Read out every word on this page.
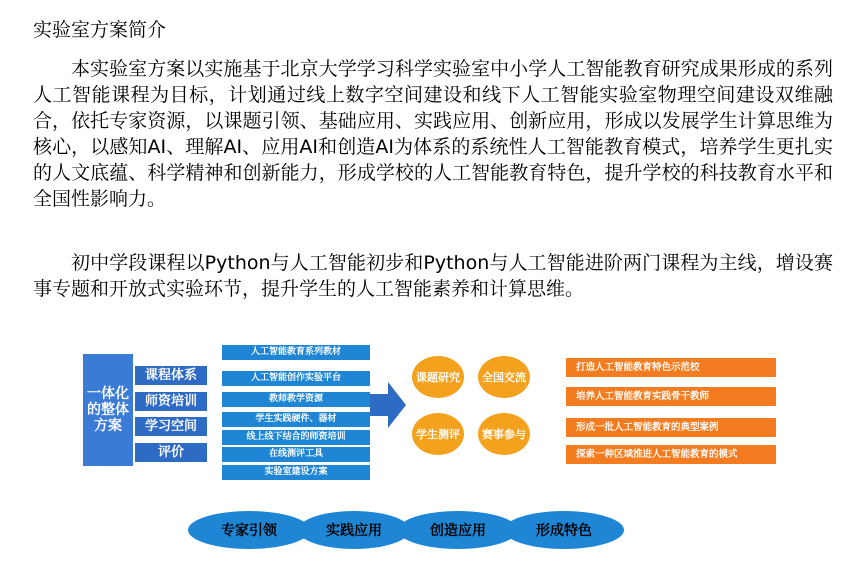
实验室方案简介

本实验室方案以实施基于北京大学学习科学实验室中小学人工智能教育研究成果形成的系列人工智能课程为目标，计划通过线上数字空间建设和线下人工智能实验室物理空间建设双维融合，依托专家资源，以课题引领、基础应用、实践应用、创新应用，形成以发展学生计算思维为核心，以感知AI、理解AI、应用AI和创造AI为体系的系统性人工智能教育模式，培养学生更扎实的人文底蕴、科学精神和创新能力，形成学校的人工智能教育特色，提升学校的科技教育水平和全国性影响力。

初中学段课程以Python与人工智能初步和Python与人工智能进阶两门课程为主线，增设赛事专题和开放式实验环节，提升学生的人工智能素养和计算思维。

一体化的整体方案
课程体系
师资培训
学习空间
评价
人工智能教育系列教材
人工智能创作实验平台
教师教学资源
学生实践硬件、器材
线上线下结合的师资培训
在线测评工具
实验室建设方案
课题研究	全国交流
学生测评	赛事参与
打造人工智能教育特色示范校
培养人工智能教育实践骨干教师
形成一批人工智能教育的典型案例
探索一种区域推进人工智能教育的模式
专家引领	实践应用	创造应用	形成特色
